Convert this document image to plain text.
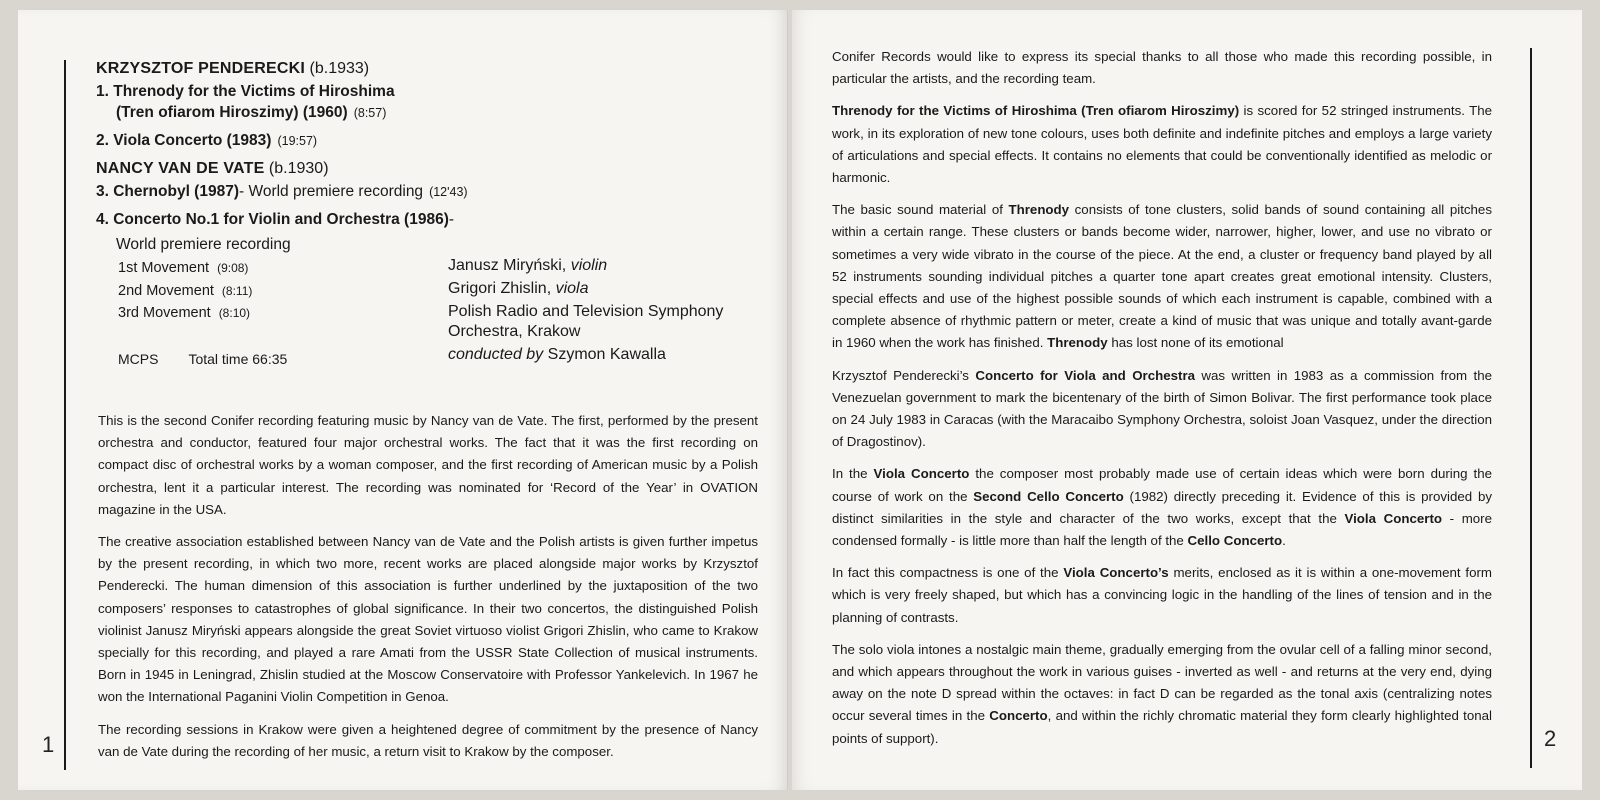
1
KRZYSZTOF PENDERECKI (b.1933)
1. Threnody for the Victims of Hiroshima
(Tren ofiarom Hiroszimy) (1960) (8:57)
2. Viola Concerto (1983) (19:57)
NANCY VAN DE VATE (b.1930)
3. Chernobyl (1987)- World premiere recording (12'43)
4. Concerto No.1 for Violin and Orchestra (1986)-
World premiere recording
1st Movement (9:08)
2nd Movement (8:11)
3rd Movement (8:10)
Janusz Miryński, violin
Grigori Zhislin, viola
Polish Radio and Television Symphony
Orchestra, Krakow
conducted by Szymon Kawalla
MCPS Total time 66:35

This is the second Conifer recording featuring music by Nancy van de Vate. The first, performed by the present orchestra and conductor, featured four major orchestral works. The fact that it was the first recording on compact disc of orchestral works by a woman composer, and the first recording of American music by a Polish orchestra, lent it a particular interest. The recording was nominated for ‘Record of the Year’ in OVATION magazine in the USA.

The creative association established between Nancy van de Vate and the Polish artists is given further impetus by the present recording, in which two more, recent works are placed alongside major works by Krzysztof Penderecki. The human dimension of this association is further underlined by the juxtaposition of the two composers’ responses to catastrophes of global significance. In their two concertos, the distinguished Polish violinist Janusz Miryński appears alongside the great Soviet virtuoso violist Grigori Zhislin, who came to Krakow specially for this recording, and played a rare Amati from the USSR State Collection of musical instruments. Born in 1945 in Leningrad, Zhislin studied at the Moscow Conservatoire with Professor Yankelevich. In 1967 he won the International Paganini Violin Competition in Genoa.

The recording sessions in Krakow were given a heightened degree of commitment by the presence of Nancy van de Vate during the recording of her music, a return visit to Krakow by the composer.

2

Conifer Records would like to express its special thanks to all those who made this recording possible, in particular the artists, and the recording team.

Threnody for the Victims of Hiroshima (Tren ofiarom Hiroszimy) is scored for 52 stringed instruments. The work, in its exploration of new tone colours, uses both definite and indefinite pitches and employs a large variety of articulations and special effects. It contains no elements that could be conventionally identified as melodic or harmonic.

The basic sound material of Threnody consists of tone clusters, solid bands of sound containing all pitches within a certain range. These clusters or bands become wider, narrower, higher, lower, and use no vibrato or sometimes a very wide vibrato in the course of the piece. At the end, a cluster or frequency band played by all 52 instruments sounding individual pitches a quarter tone apart creates great emotional intensity. Clusters, special effects and use of the highest possible sounds of which each instrument is capable, combined with a complete absence of rhythmic pattern or meter, create a kind of music that was unique and totally avant-garde in 1960 when the work has finished. Threnody has lost none of its emotional

Krzysztof Penderecki’s Concerto for Viola and Orchestra was written in 1983 as a commission from the Venezuelan government to mark the bicentenary of the birth of Simon Bolivar. The first performance took place on 24 July 1983 in Caracas (with the Maracaibo Symphony Orchestra, soloist Joan Vasquez, under the direction of Dragostinov).

In the Viola Concerto the composer most probably made use of certain ideas which were born during the course of work on the Second Cello Concerto (1982) directly preceding it. Evidence of this is provided by distinct similarities in the style and character of the two works, except that the Viola Concerto - more condensed formally - is little more than half the length of the Cello Concerto.

In fact this compactness is one of the Viola Concerto’s merits, enclosed as it is within a one-movement form which is very freely shaped, but which has a convincing logic in the handling of the lines of tension and in the planning of contrasts.

The solo viola intones a nostalgic main theme, gradually emerging from the ovular cell of a falling minor second, and which appears throughout the work in various guises - inverted as well - and returns at the very end, dying away on the note D spread within the octaves: in fact D can be regarded as the tonal axis (centralizing notes occur several times in the Concerto, and within the richly chromatic material they form clearly highlighted tonal points of support).
